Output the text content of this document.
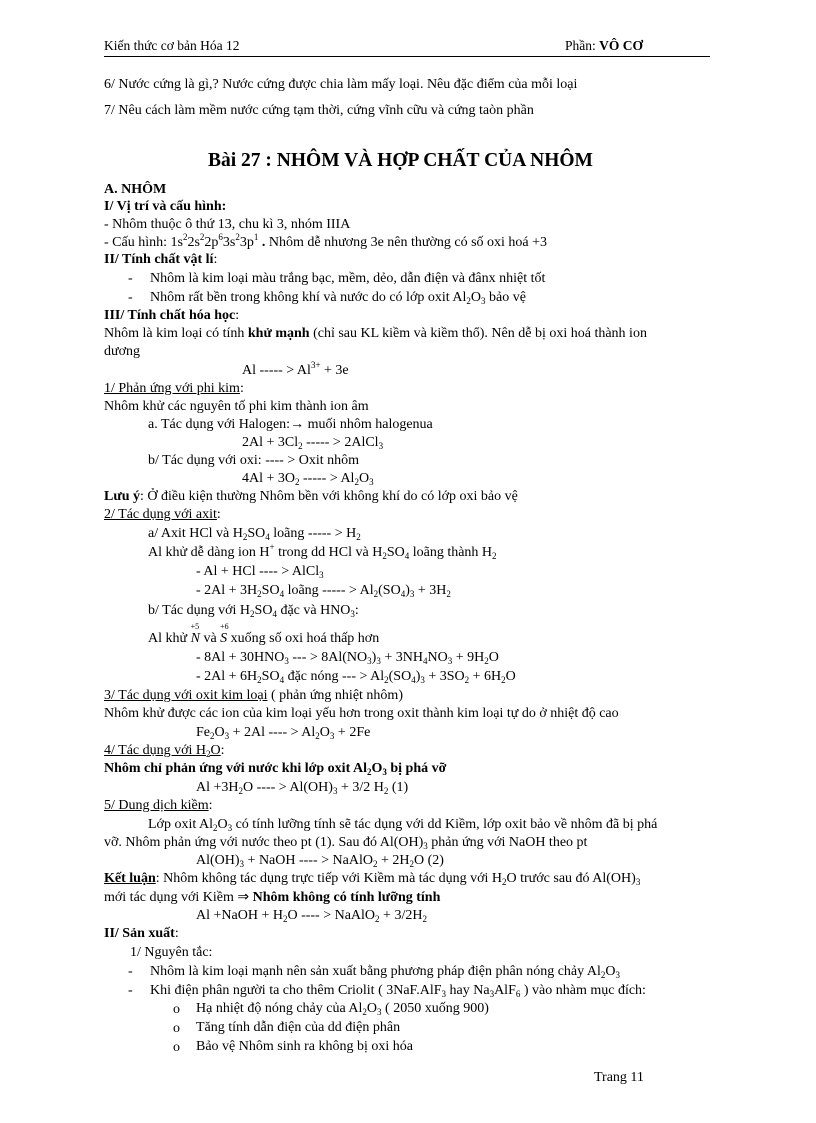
Kiến thức cơ bản Hóa 12	Phần: VÔ CƠ
6/ Nước cứng là gì,? Nước cứng được chia làm mấy loại. Nêu đặc điểm của mỗi loại
7/ Nêu cách làm mềm nước cứng tạm thời, cứng vĩnh cữu và cứng taòn phần
Bài 27 : NHÔM VÀ HỢP CHẤT CỦA NHÔM
A. NHÔM
I/ Vị trí và cấu hình:
- Nhôm thuộc ô thứ 13, chu kì 3, nhóm IIIA
- Cấu hình: $1s^22s^22p^63s^23p^1$ . Nhôm dễ nhương 3e nên thường có số oxi hoá +3
II/ Tính chất vật lí:
- Nhôm là kim loại màu trắng bạc, mềm, dẻo, dẫn điện và đânx nhiệt tốt
- Nhôm rất bền trong không khí và nước do có lớp oxit $Al_2O_3$ bảo vệ
III/ Tính chất hóa học:
Nhôm là kim loại có tính khử mạnh (chỉ sau KL kiềm và kiềm thổ). Nên dễ bị oxi hoá thành ion
dương
Al ----- > $Al^{3+} + 3e$
1/ Phản ứng với phi kim:
Nhôm khử các nguyên tố phi kim thành ion âm
a. Tác dụng với Halogen:→ muối nhôm halogenua
$2Al + 3Cl_2$ ----- > 2AlCl$_3$
b/ Tác dụng với oxi: ---- > Oxit nhôm
$4Al + 3O_2$ ----- > $Al_2O_3$
Lưu ý: Ở điều kiện thường Nhôm bền với không khí do có lớp oxi bảo vệ
2/ Tác dụng với axit:
a/ Axit HCl và $H_2SO_4$ loãng ----- > $H_2$
Al khử dễ dàng ion H+ trong dd HCl và $H_2SO_4$ loãng thành $H_2$
- Al + HCl ---- > AlCl$_3$
- $2Al + 3H_2SO_4$ loãng ----- > $Al_2(SO_4)_3 + 3H_2$
b/ Tác dụng với $H_2SO_4$ đặc và $HNO_3$:
Al khử
+5
N và
+6
S xuống số oxi hoá thấp hơn
- $8Al + 30HNO_3$ --- > $8Al(NO_3)_3 + 3NH_4NO_3 + 9H_2O$
- $2Al + 6H_2SO_4$ đặc nóng --- > $Al_2(SO_4)_3 + 3SO_2 + 6H_2O$
3/ Tác dụng với oxit kim loại ( phản ứng nhiệt nhôm)
Nhôm khử được các ion của kim loại yếu hơn trong oxit thành kim loại tự do ở nhiệt độ cao
$Fe_2O_3 + 2Al$ ---- > $Al_2O_3 + 2Fe$
4/ Tác dụng với $H_2O$:
Nhôm chỉ phản ứng với nước khi lớp oxit $Al_2O_3$ bị phá vỡ
$Al +3H_2O$ ---- > $Al(OH)_3 + 3/2$ $H_2$ (1)
5/ Dung dịch kiềm:
Lớp oxit $Al_2O_3$ có tính lưỡng tính sẽ tác dụng với dd Kiềm, lớp oxit bảo về nhôm đã bị phá
vỡ. Nhôm phản ứng với nước theo pt (1). Sau đó $Al(OH)_3$ phản ứng với NaOH theo pt
$Al(OH)_3$ + NaOH ---- > NaAlO$_2$ + $2H_2O$ (2)
Kết luận: Nhôm không tác dụng trực tiếp với Kiềm mà tác dụng với $H_2O$ trước sau đó $Al(OH)_3$
mới tác dụng với Kiềm ⇒ Nhôm không có tính lưỡng tính
Al +NaOH + $H_2O$ ---- > NaAlO$_2$ + $3/2H_2$
II/ Sản xuất:
1/ Nguyên tắc:
- Nhôm là kim loại mạnh nên sản xuất bằng phương pháp điện phân nóng chảy $Al_2O_3$
- Khi điện phân người ta cho thêm Criolit ( 3NaF.AlF$_3$ hay $Na_3AlF_6$ ) vào nhàm mục đích:
o Hạ nhiệt độ nóng chảy của $Al_2O_3$ ( 2050 xuống 900)
o Tăng tính dẫn điện của dd điện phân
o Bảo vệ Nhôm sinh ra không bị oxi hóa
Trang 11
